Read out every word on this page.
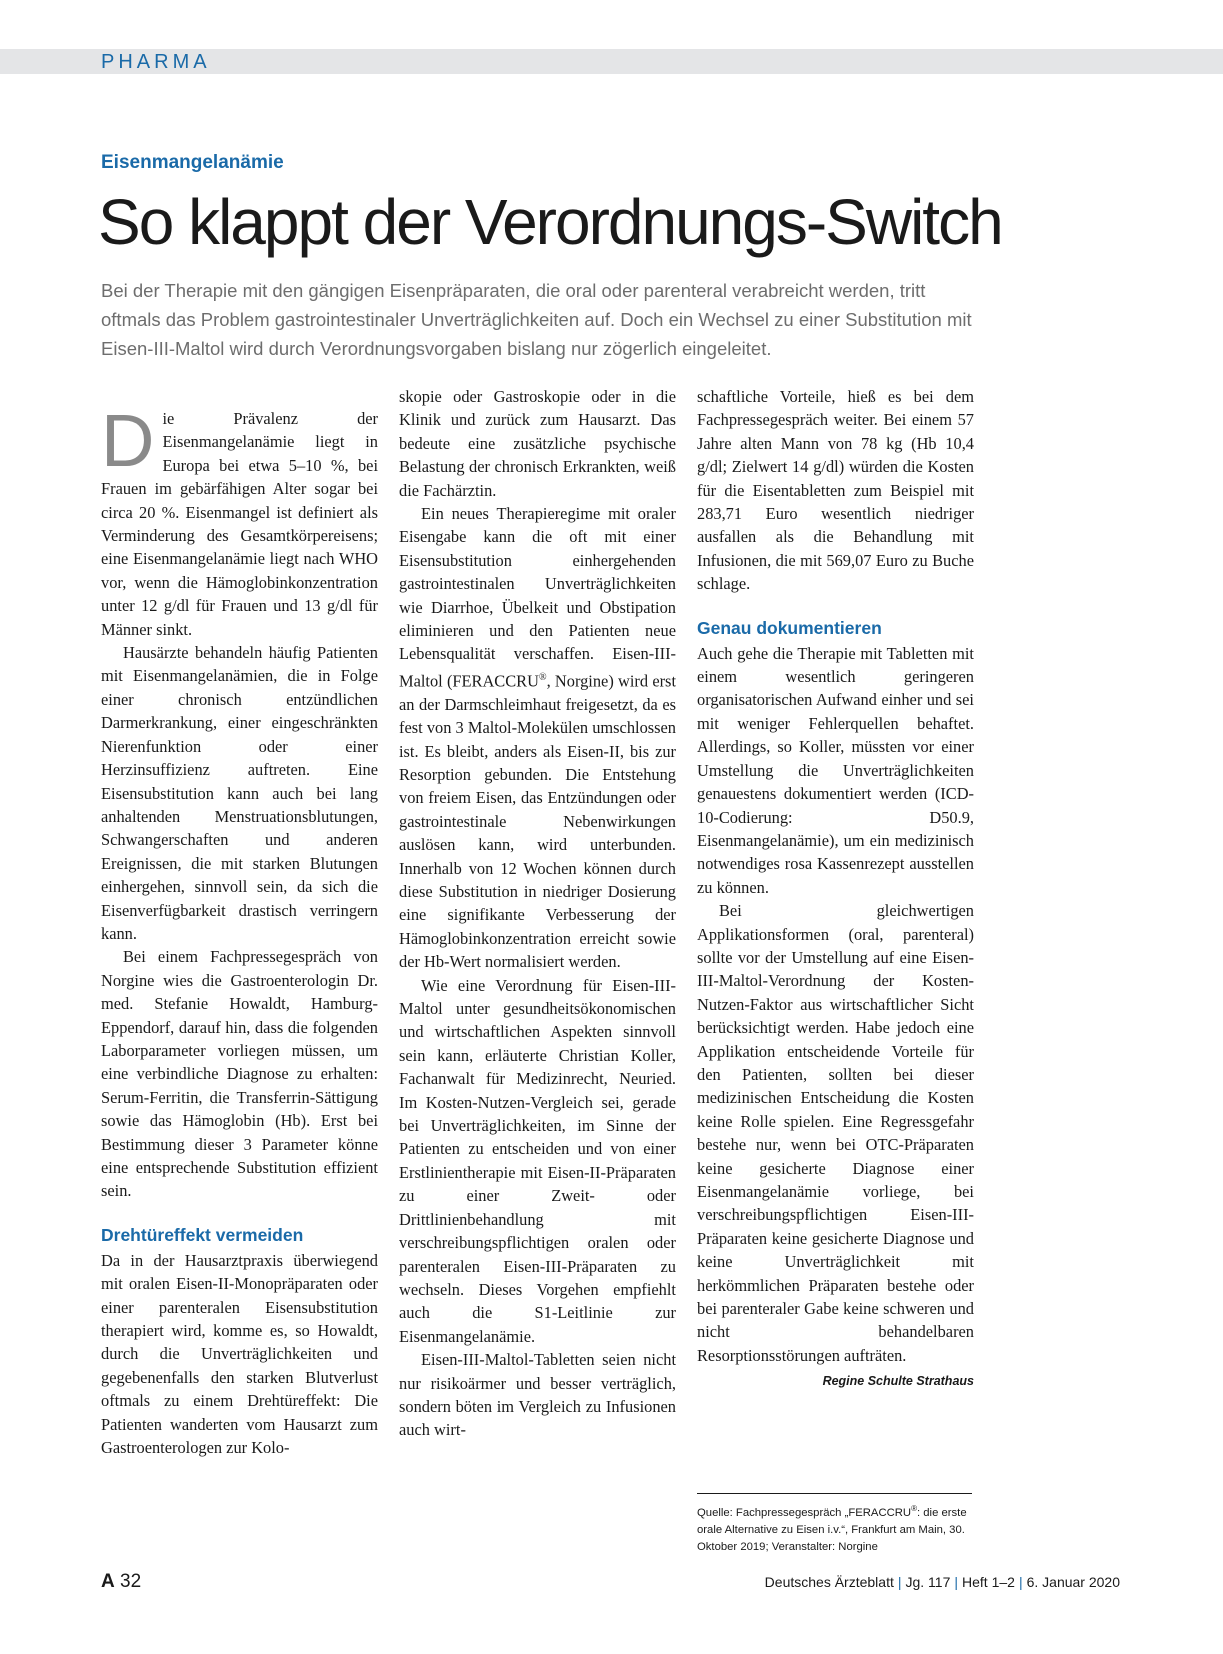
PHARMA
Eisenmangelanämie
So klappt der Verordnungs-Switch
Bei der Therapie mit den gängigen Eisenpräparaten, die oral oder parenteral verabreicht werden, tritt oftmals das Problem gastrointestinaler Unverträglichkeiten auf. Doch ein Wechsel zu einer Substitution mit Eisen-III-Maltol wird durch Verordnungsvorgaben bislang nur zögerlich eingeleitet.

Die Prävalenz der Eisenmangelanämie liegt in Europa bei etwa 5–10 %, bei Frauen im gebärfähigen Alter sogar bei circa 20 %. Eisenmangel ist definiert als Verminderung des Gesamtkörpereisens; eine Eisenmangelanämie liegt nach WHO vor, wenn die Hämoglobinkonzentration unter 12 g/dl für Frauen und 13 g/dl für Männer sinkt.

Hausärzte behandeln häufig Patienten mit Eisenmangelanämien, die in Folge einer chronisch entzündlichen Darmerkrankung, einer eingeschränkten Nierenfunktion oder einer Herzinsuffizienz auftreten. Eine Eisensubstitution kann auch bei lang anhaltenden Menstruationsblutungen, Schwangerschaften und anderen Ereignissen, die mit starken Blutungen einhergehen, sinnvoll sein, da sich die Eisenverfügbarkeit drastisch verringern kann.

Bei einem Fachpressegespräch von Norgine wies die Gastroenterologin Dr. med. Stefanie Howaldt, Hamburg-Eppendorf, darauf hin, dass die folgenden Laborparameter vorliegen müssen, um eine verbindliche Diagnose zu erhalten: Serum-Ferritin, die Transferrin-Sättigung sowie das Hämoglobin (Hb). Erst bei Bestimmung dieser 3 Parameter könne eine entsprechende Substitution effizient sein.

Drehtüreffekt vermeiden

Da in der Hausarztpraxis überwiegend mit oralen Eisen-II-Monopräparaten oder einer parenteralen Eisensubstitution therapiert wird, komme es, so Howaldt, durch die Unverträglichkeiten und gegebenenfalls den starken Blutverlust oftmals zu einem Drehtüreffekt: Die Patienten wanderten vom Hausarzt zum Gastroenterologen zur Kolo-

skopie oder Gastroskopie oder in die Klinik und zurück zum Hausarzt. Das bedeute eine zusätzliche psychische Belastung der chronisch Erkrankten, weiß die Fachärztin.

Ein neues Therapieregime mit oraler Eisengabe kann die oft mit einer Eisensubstitution einhergehenden gastrointestinalen Unverträglichkeiten wie Diarrhoe, Übelkeit und Obstipation eliminieren und den Patienten neue Lebensqualität verschaffen. Eisen-III-Maltol (FERACCRU®, Norgine) wird erst an der Darmschleimhaut freigesetzt, da es fest von 3 Maltol-Molekülen umschlossen ist. Es bleibt, anders als Eisen-II, bis zur Resorption gebunden. Die Entstehung von freiem Eisen, das Entzündungen oder gastrointestinale Nebenwirkungen auslösen kann, wird unterbunden. Innerhalb von 12 Wochen können durch diese Substitution in niedriger Dosierung eine signifikante Verbesserung der Hämoglobinkonzentration erreicht sowie der Hb-Wert normalisiert werden.

Wie eine Verordnung für Eisen-III-Maltol unter gesundheitsökonomischen und wirtschaftlichen Aspekten sinnvoll sein kann, erläuterte Christian Koller, Fachanwalt für Medizinrecht, Neuried. Im Kosten-Nutzen-Vergleich sei, gerade bei Unverträglichkeiten, im Sinne der Patienten zu entscheiden und von einer Erstlinientherapie mit Eisen-II-Präparaten zu einer Zweit- oder Drittlinienbehandlung mit verschreibungspflichtigen oralen oder parenteralen Eisen-III-Präparaten zu wechseln. Dieses Vorgehen empfiehlt auch die S1-Leitlinie zur Eisenmangelanämie.

Eisen-III-Maltol-Tabletten seien nicht nur risikoärmer und besser verträglich, sondern böten im Vergleich zu Infusionen auch wirt-

schaftliche Vorteile, hieß es bei dem Fachpressegespräch weiter. Bei einem 57 Jahre alten Mann von 78 kg (Hb 10,4 g/dl; Zielwert 14 g/dl) würden die Kosten für die Eisentabletten zum Beispiel mit 283,71 Euro wesentlich niedriger ausfallen als die Behandlung mit Infusionen, die mit 569,07 Euro zu Buche schlage.

Genau dokumentieren

Auch gehe die Therapie mit Tabletten mit einem wesentlich geringeren organisatorischen Aufwand einher und sei mit weniger Fehlerquellen behaftet. Allerdings, so Koller, müssten vor einer Umstellung die Unverträglichkeiten genauestens dokumentiert werden (ICD-10-Codierung: D50.9, Eisenmangelanämie), um ein medizinisch notwendiges rosa Kassenrezept ausstellen zu können.

Bei gleichwertigen Applikationsformen (oral, parenteral) sollte vor der Umstellung auf eine Eisen-III-Maltol-Verordnung der Kosten-Nutzen-Faktor aus wirtschaftlicher Sicht berücksichtigt werden. Habe jedoch eine Applikation entscheidende Vorteile für den Patienten, sollten bei dieser medizinischen Entscheidung die Kosten keine Rolle spielen. Eine Regressgefahr bestehe nur, wenn bei OTC-Präparaten keine gesicherte Diagnose einer Eisenmangelanämie vorliege, bei verschreibungspflichtigen Eisen-III-Präparaten keine gesicherte Diagnose und keine Unverträglichkeit mit herkömmlichen Präparaten bestehe oder bei parenteraler Gabe keine schweren und nicht behandelbaren Resorptionsstörungen aufträten.
Regine Schulte Strathaus

Quelle: Fachpressegespräch „FERACCRU®: die erste orale Alternative zu Eisen i.v.“, Frankfurt am Main, 30. Oktober 2019; Veranstalter: Norgine
A 32	Deutsches Ärzteblatt | Jg. 117 | Heft 1–2 | 6. Januar 2020
